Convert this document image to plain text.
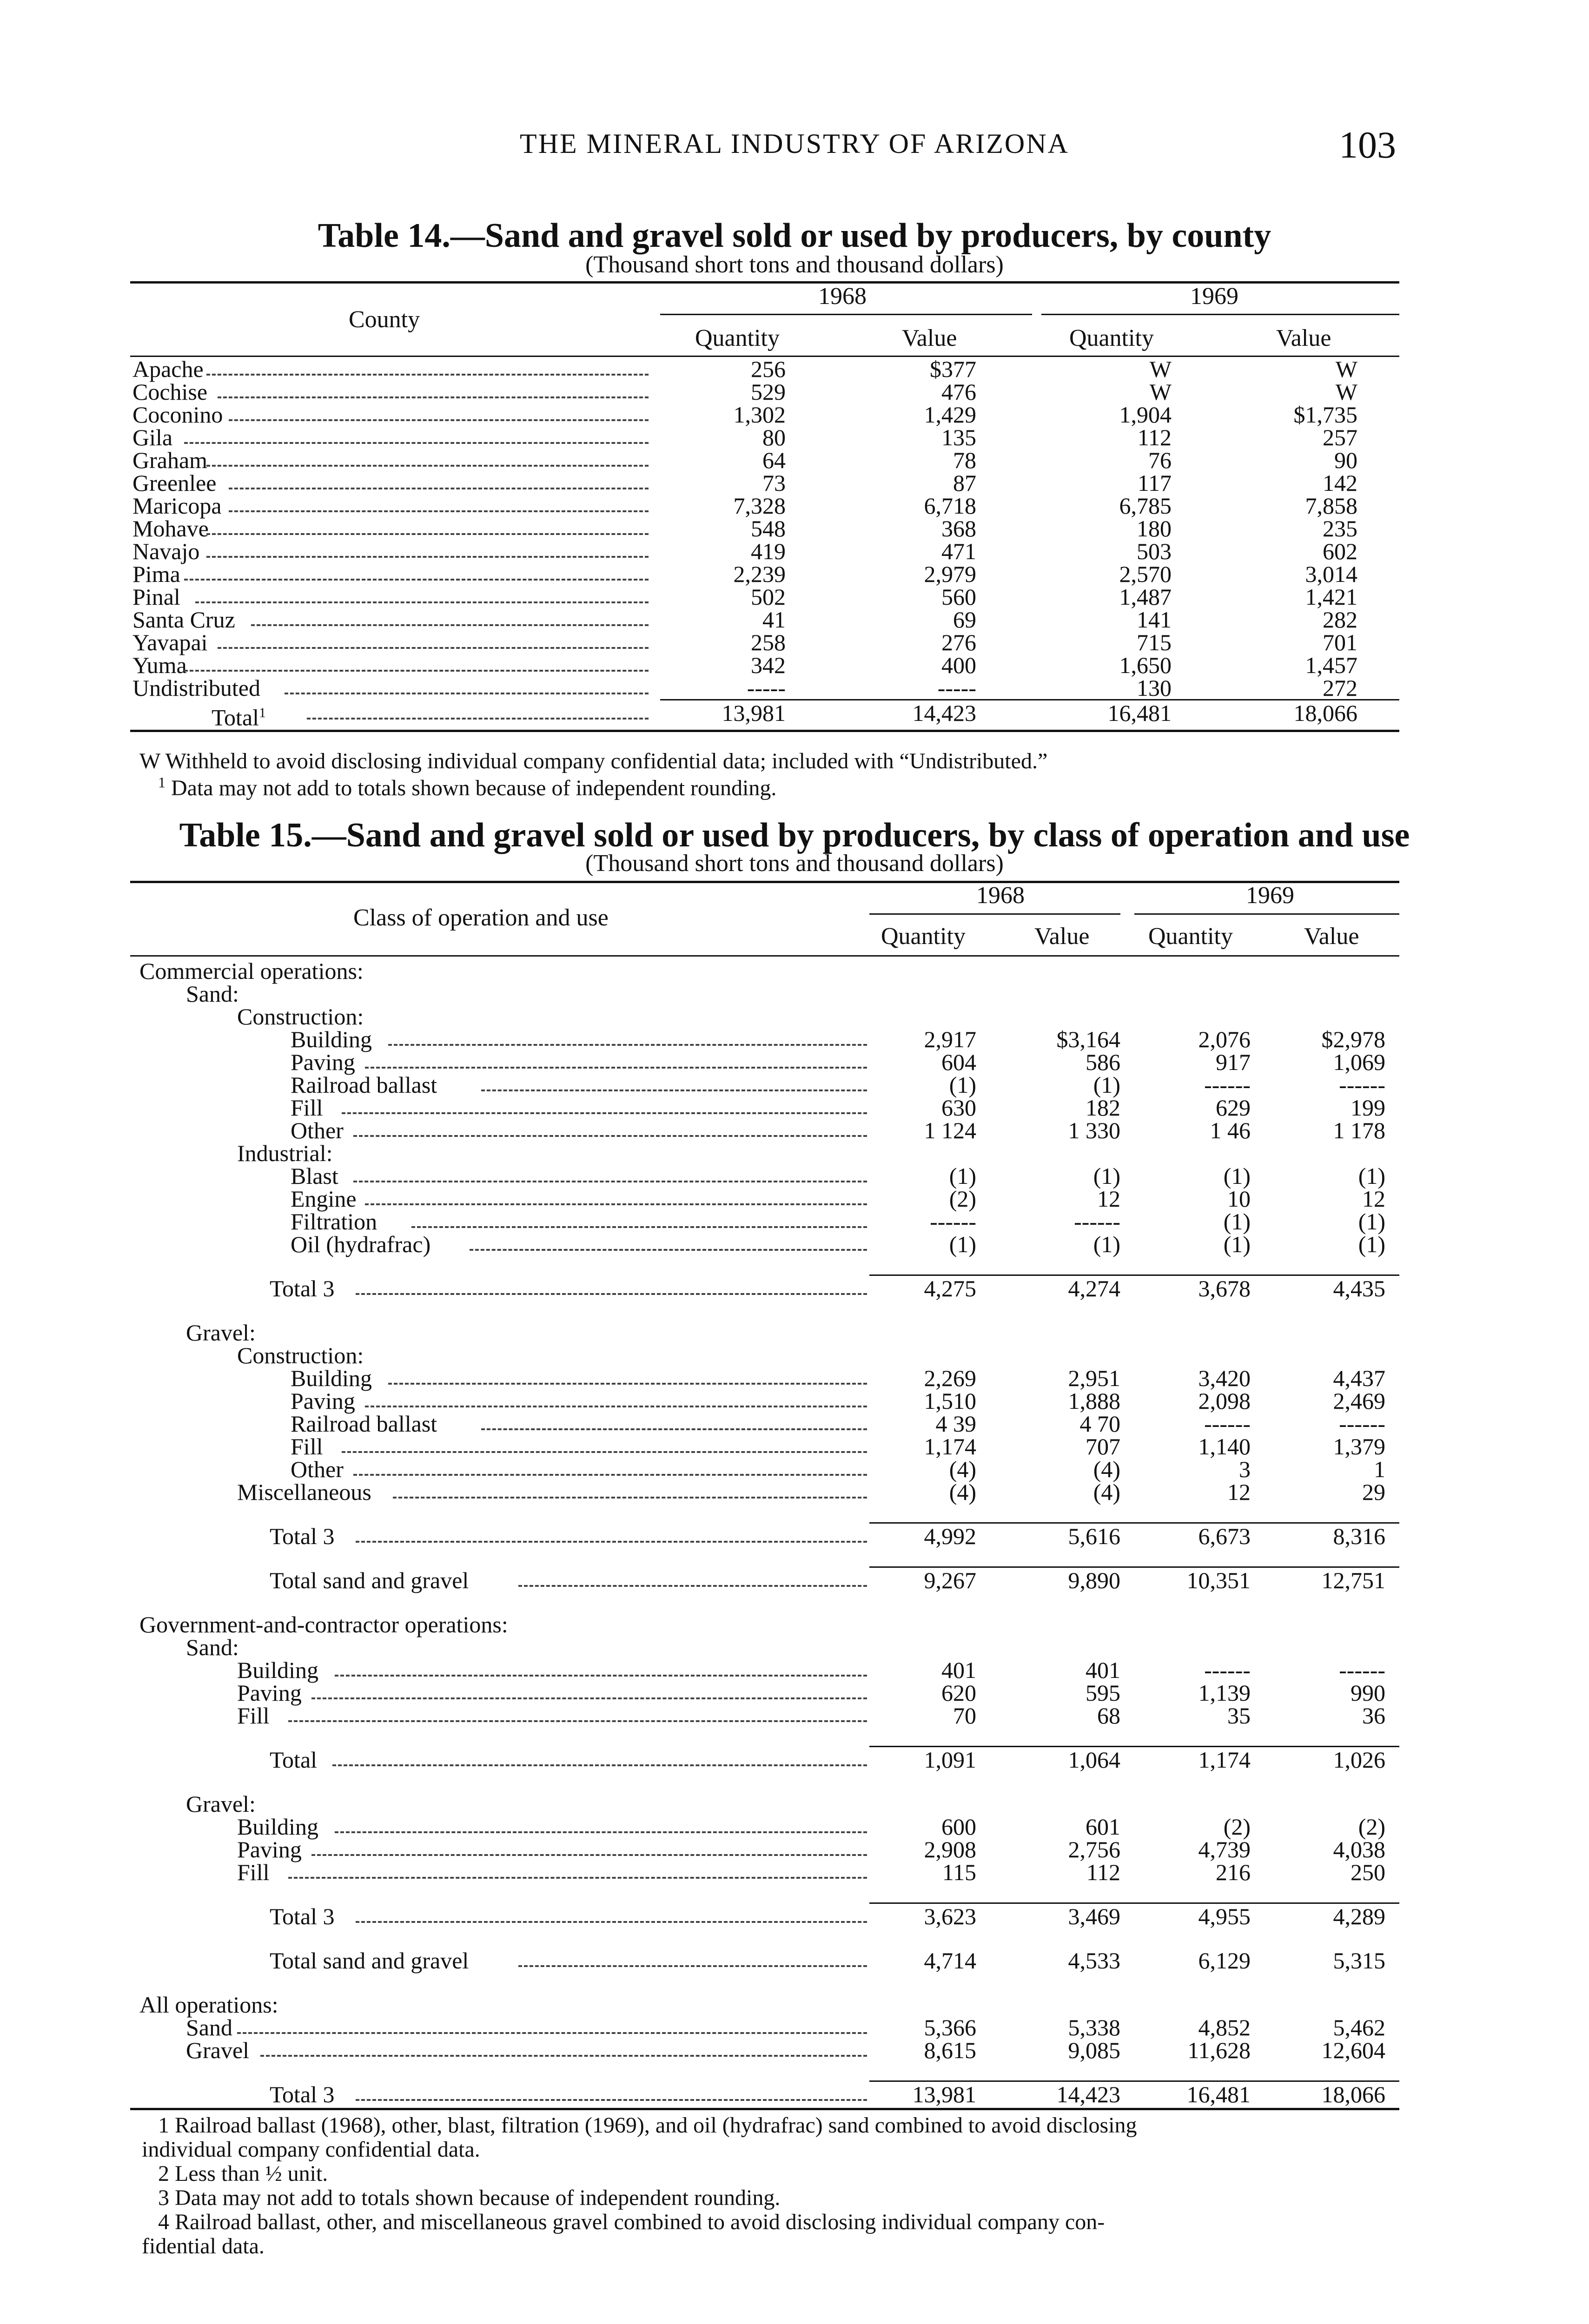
THE MINERAL INDUSTRY OF ARIZONA	103
Table 14.—Sand and gravel sold or used by producers, by county
(Thousand short tons and thousand dollars)
County
1968	1969
Quantity	Value	Quantity	Value
Apache	256	$377	W	W
Cochise	529	476	W	W
Coconino	1,302	1,429	1,904	$1,735
Gila	80	135	112	257
Graham	64	78	76	90
Greenlee	73	87	117	142
Maricopa	7,328	6,718	6,785	7,858
Mohave	548	368	180	235
Navajo	419	471	503	602
Pima	2,239	2,979	2,570	3,014
Pinal	502	560	1,487	1,421
Santa Cruz	41	69	141	282
Yavapai	258	276	715	701
Yuma	342	400	1,650	1,457
Undistributed	-----	-----	130	272
Total$^1$	13,981	14,423	16,481	18,066
W Withheld to avoid disclosing individual company confidential data; included with “Undistributed.”
$^1$ Data may not add to totals shown because of independent rounding.
Table 15.—Sand and gravel sold or used by producers, by class of operation and use
(Thousand short tons and thousand dollars)
Class of operation and use
1968	1969
Quantity	Value Quantity	Value
Commercial operations:
Sand:
Construction:
Building	2,917	$3,164	2,076	$2,978
Paving	604	586	917	1,069
Railroad ballast	(1)	(1)	------	------
Fill	630	182	629	199
Other	1 124	1 330	1 46	1 178
Industrial:
Blast	(1)	(1)	(1)	(1)
Engine	(2)	12	10	12
Filtration	------	------	(1)	(1)
Oil (hydrafrac)	(1)	(1)	(1)	(1)
Total 3	4,275	4,274	3,678	4,435
Gravel:
Construction:
Building	2,269	2,951	3,420	4,437
Paving	1,510	1,888	2,098	2,469
Railroad ballast	4 39	4 70	------	------
Fill	1,174	707	1,140	1,379
Other	(4)	(4)	3	1
Miscellaneous	(4)	(4)	12	29
Total 3	4,992	5,616	6,673	8,316
Total sand and gravel	9,267	9,890	10,351	12,751
Government-and-contractor operations:
Sand:
Building	401	401	------	------
Paving	620	595	1,139	990
Fill	70	68	35	36
Total	1,091	1,064	1,174	1,026
Gravel:
Building	600	601	(2)	(2)
Paving	2,908	2,756	4,739	4,038
Fill	115	112	216	250
Total 3	3,623	3,469	4,955	4,289
Total sand and gravel	4,714	4,533	6,129	5,315
All operations:
Sand	5,366	5,338	4,852	5,462
Gravel	8,615	9,085	11,628	12,604
Total 3	13,981	14,423	16,481	18,066
1 Railroad ballast (1968), other, blast, filtration (1969), and oil (hydrafrac) sand combined to avoid disclosing
individual company confidential data.
2 Less than ½ unit.
3 Data may not add to totals shown because of independent rounding.
4 Railroad ballast, other, and miscellaneous gravel combined to avoid disclosing individual company con-
fidential data.
